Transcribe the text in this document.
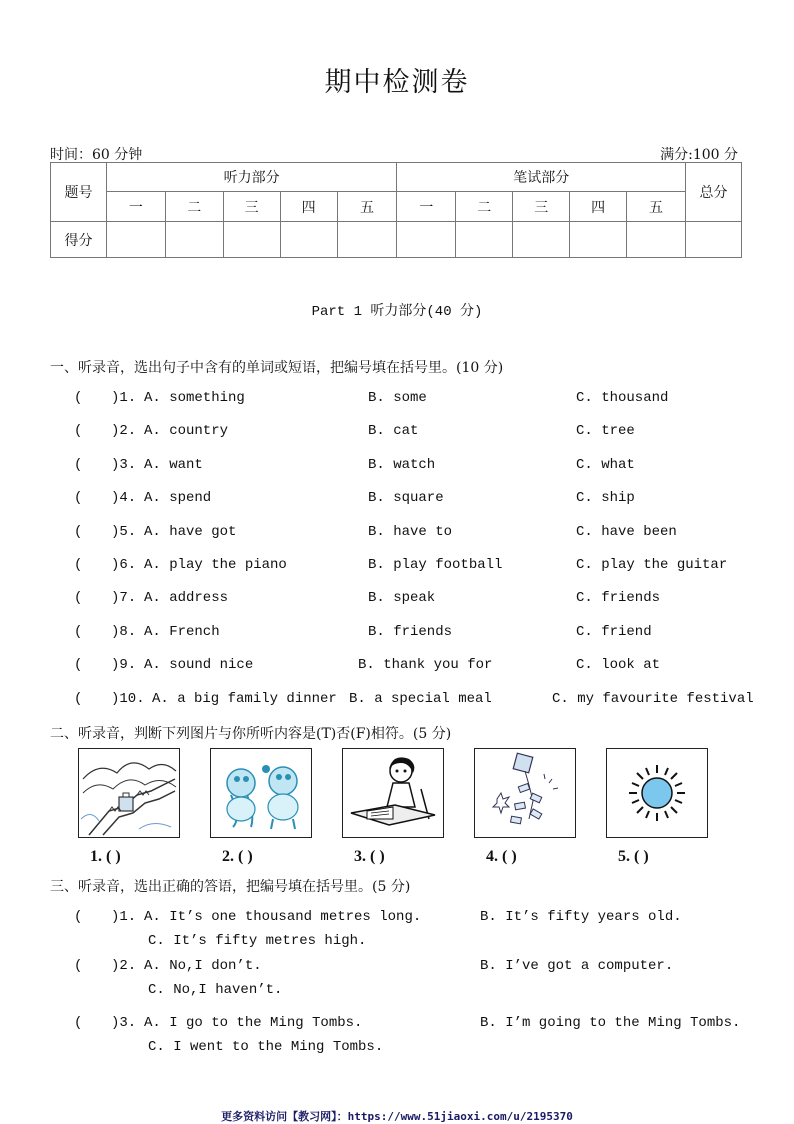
期中检测卷
时间：60 分钟	满分:100 分
题号	听力部分					笔试部分					总分
	一	二	三	四	五	一	二	三	四	五	
得分											
Part 1 听力部分(40 分)
一、听录音，选出句子中含有的单词或短语，把编号填在括号里。(10 分)
( )1. A. something	B. some	C. thousand
( )2. A. country	B. cat	C. tree
( )3. A. want	B. watch	C. what
( )4. A. spend	B. square	C. ship
( )5. A. have got	B. have to	C. have been
( )6. A. play the piano	B. play football	C. play the guitar
( )7. A. address	B. speak	C. friends
( )8. A. French	B. friends	C. friend
( )9. A. sound nice	B. thank you for	C. look at
( )10. A. a big family dinner B. a special meal	C. my favourite festival
二、听录音，判断下列图片与你所听内容是(T)否(F)相符。(5 分)
1. ( )	2. ( )	3. ( )	4. ( )	5. ( )
三、听录音，选出正确的答语，把编号填在括号里。(5 分)
( )1. A. It’s one thousand metres long.	B. It’s fifty years old.
C. It’s fifty metres high.
( )2. A. No,I don’t.	B. I’ve got a computer.
C. No,I haven’t.
( )3. A. I go to the Ming Tombs.	B. I’m going to the Ming Tombs.
C. I went to the Ming Tombs.
更多资料访问【教习网】：https://www.51jiaoxi.com/u/2195370
